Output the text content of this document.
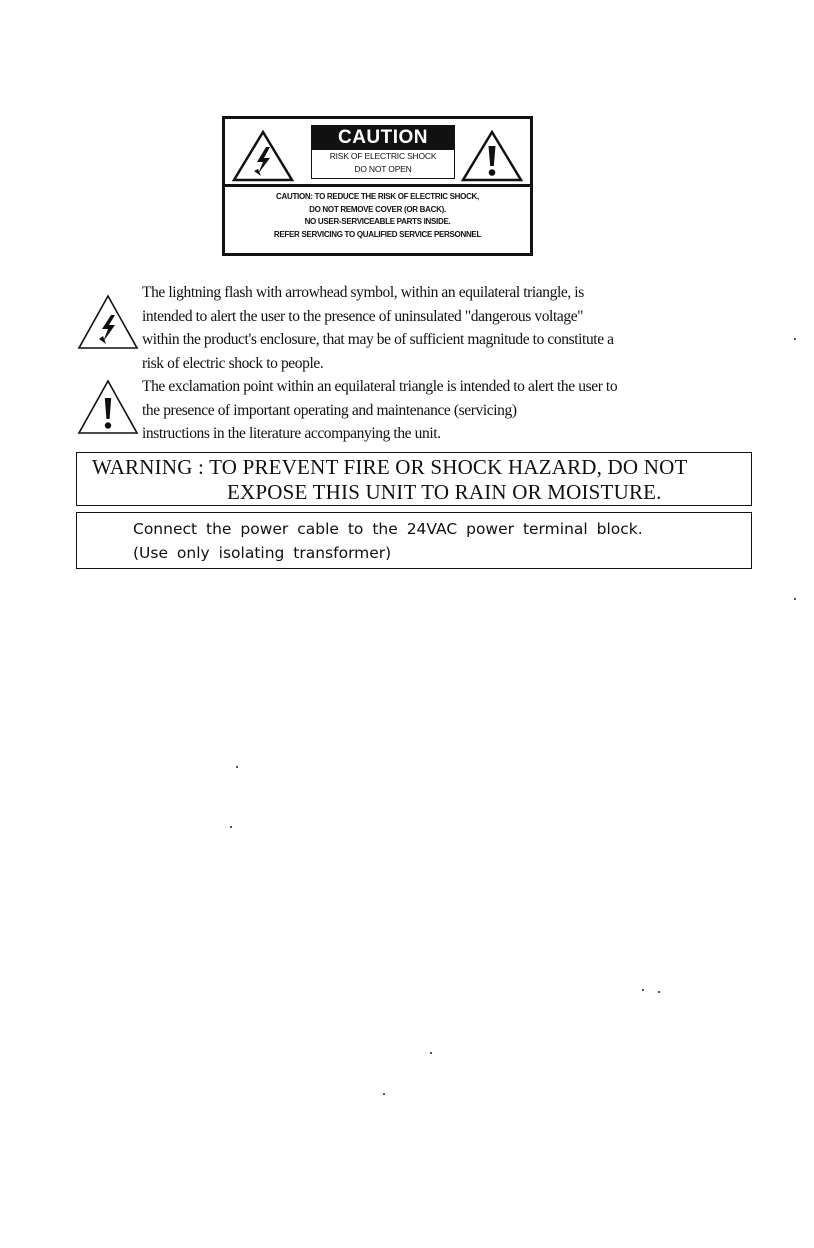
CAUTION
RISK OF ELECTRIC SHOCK
DO NOT OPEN
CAUTION: TO REDUCE THE RISK OF ELECTRIC SHOCK,
DO NOT REMOVE COVER (OR BACK).
NO USER-SERVICEABLE PARTS INSIDE.
REFER SERVICING TO QUALIFIED SERVICE PERSONNEL
The lightning flash with arrowhead symbol, within an equilateral triangle, is
intended to alert the user to the presence of uninsulated "dangerous voltage"
within the product's enclosure, that may be of sufficient magnitude to constitute a
risk of electric shock to people.
The exclamation point within an equilateral triangle is intended to alert the user to
the presence of important operating and maintenance (servicing)
instructions in the literature accompanying the unit.
WARNING : TO PREVENT FIRE OR SHOCK HAZARD, DO NOT
EXPOSE THIS UNIT TO RAIN OR MOISTURE.
Connect the power cable to the 24VAC power terminal block.
(Use only isolating transformer)
